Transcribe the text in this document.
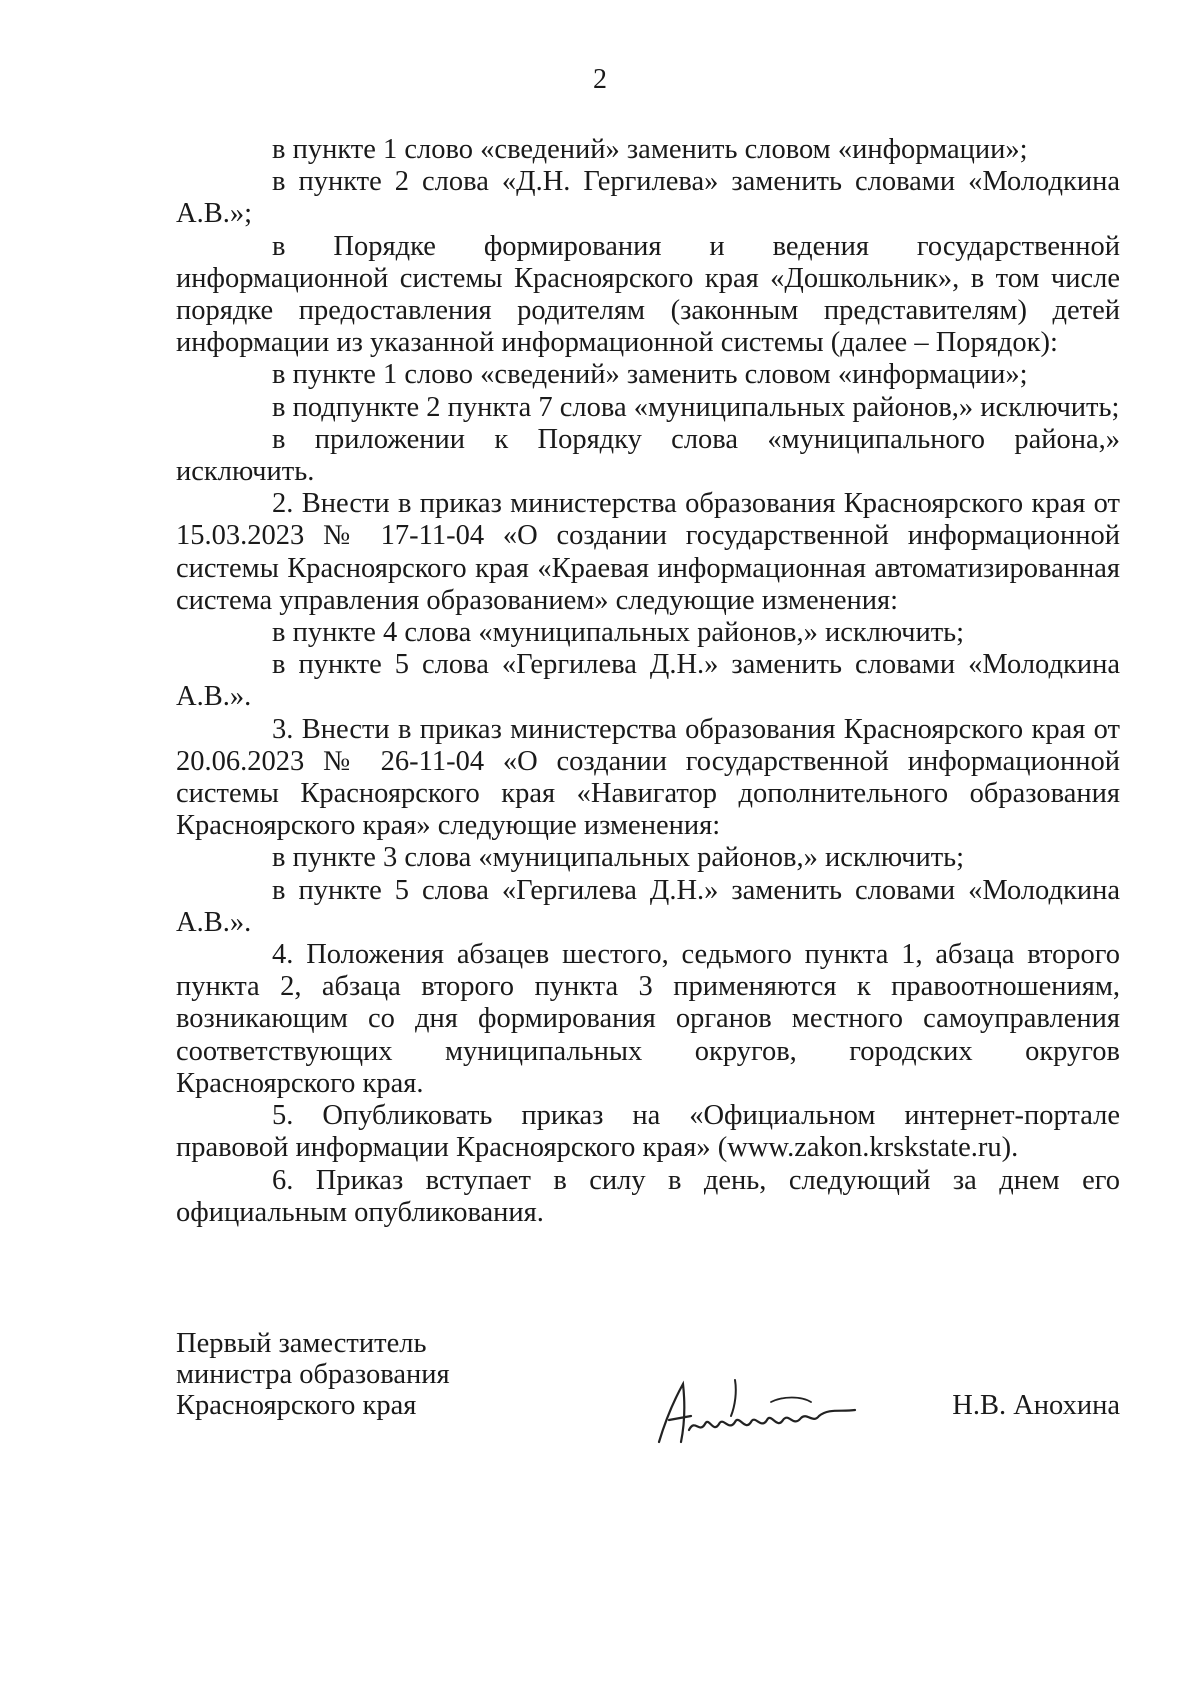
2

в пункте 1 слово «сведений» заменить словом «информации»;

в пункте 2 слова «Д.Н. Гергилева» заменить словами «Молодкина А.В.»;

в Порядке формирования и ведения государственной информационной системы Красноярского края «Дошкольник», в том числе порядке предоставления родителям (законным представителям) детей информации из указанной информационной системы (далее – Порядок):

в пункте 1 слово «сведений» заменить словом «информации»;

в подпункте 2 пункта 7 слова «муниципальных районов,» исключить;

в приложении к Порядку слова «муниципального района,» исключить.

2. Внести в приказ министерства образования Красноярского края от 15.03.2023 № 17-11-04 «О создании государственной информационной системы Красноярского края «Краевая информационная автоматизированная система управления образованием» следующие изменения:

в пункте 4 слова «муниципальных районов,» исключить;

в пункте 5 слова «Гергилева Д.Н.» заменить словами «Молодкина А.В.».

3. Внести в приказ министерства образования Красноярского края от 20.06.2023 № 26-11-04 «О создании государственной информационной системы Красноярского края «Навигатор дополнительного образования Красноярского края» следующие изменения:

в пункте 3 слова «муниципальных районов,» исключить;

в пункте 5 слова «Гергилева Д.Н.» заменить словами «Молодкина А.В.».

4. Положения абзацев шестого, седьмого пункта 1, абзаца второго пункта 2, абзаца второго пункта 3 применяются к правоотношениям, возникающим со дня формирования органов местного самоуправления соответствующих муниципальных округов, городских округов Красноярского края.

5. Опубликовать приказ на «Официальном интернет-портале правовой информации Красноярского края» (www.zakon.krskstate.ru).

6. Приказ вступает в силу в день, следующий за днем его официальным опубликования.

Первый заместитель
министра образования
Красноярского края	Н.В. Анохина
